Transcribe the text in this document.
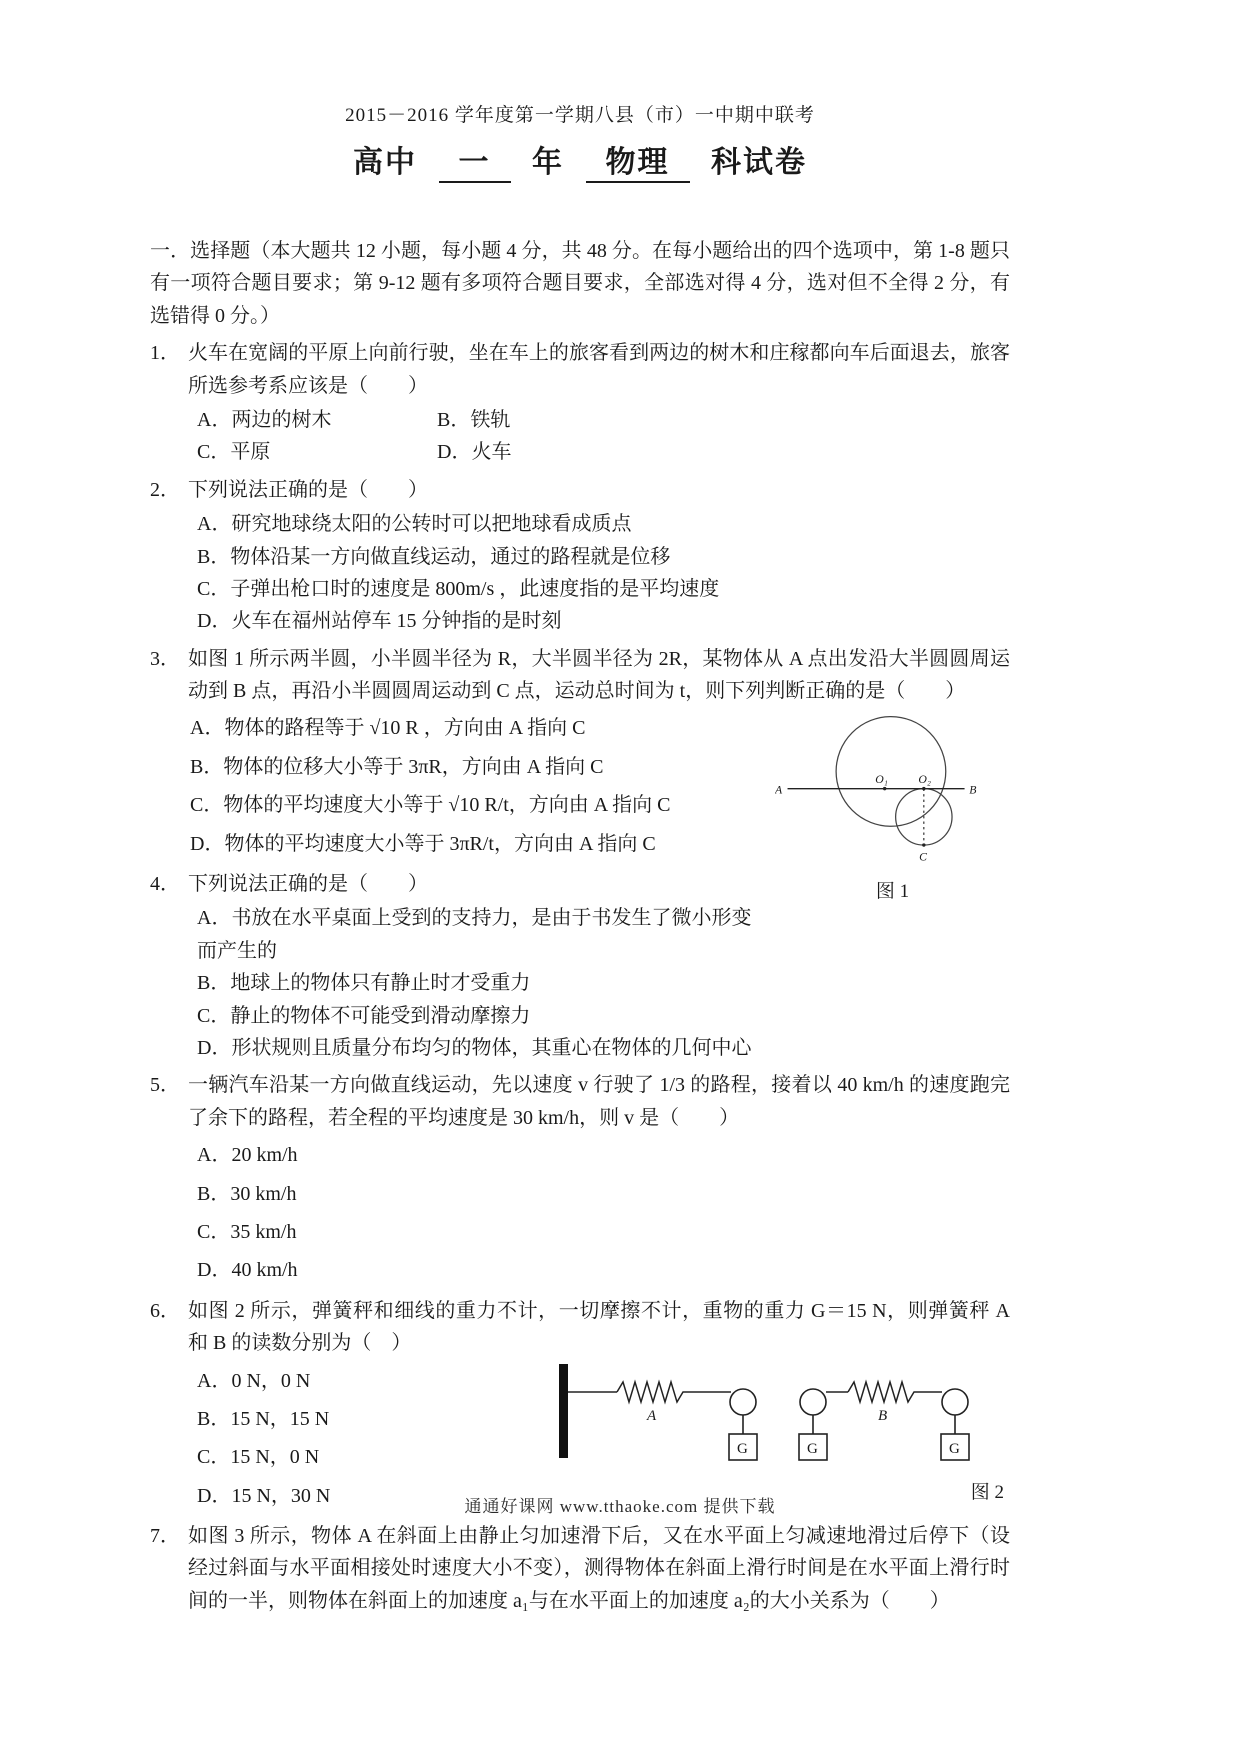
2015－2016 学年度第一学期八县（市）一中期中联考
高中 一 年 物理 科试卷
一．选择题（本大题共 12 小题，每小题 4 分，共 48 分。在每小题给出的四个选项中，第 1-8 题只有一项符合题目要求；第 9-12 题有多项符合题目要求，全部选对得 4 分，选对但不全得 2 分，有选错得 0 分。）
1． 火车在宽阔的平原上向前行驶，坐在车上的旅客看到两边的树木和庄稼都向车后面退去，旅客所选参考系应该是（　　）
A．两边的树木	B．铁轨
C．平原	D．火车
2． 下列说法正确的是（　　）
A．研究地球绕太阳的公转时可以把地球看成质点
B．物体沿某一方向做直线运动，通过的路程就是位移
C．子弹出枪口时的速度是 800m/s ，此速度指的是平均速度
D．火车在福州站停车 15 分钟指的是时刻
3． 如图 1 所示两半圆，小半圆半径为 R，大半圆半径为 2R，某物体从 A 点出发沿大半圆圆周运动到 B 点，再沿小半圆圆周运动到 C 点，运动总时间为 t，则下列判断正确的是（　　）
A	B
O₁ O₂
C
图 1
A．物体的路程等于 √10 R ，方向由 A 指向 C
B．物体的位移大小等于 3πR，方向由 A 指向 C
C．物体的平均速度大小等于 √10 R/t，方向由 A 指向 C
D．物体的平均速度大小等于 3πR/t，方向由 A 指向 C
4． 下列说法正确的是（　　）
A．书放在水平桌面上受到的支持力，是由于书发生了微小形变而产生的
B．地球上的物体只有静止时才受重力
C．静止的物体不可能受到滑动摩擦力
D．形状规则且质量分布均匀的物体，其重心在物体的几何中心
5． 一辆汽车沿某一方向做直线运动，先以速度 v 行驶了 1/3 的路程，接着以 40 km/h 的速度跑完了余下的路程，若全程的平均速度是 30 km/h，则 v 是（　　）
A．20 km/h
B．30 km/h
C．35 km/h
D．40 km/h
6． 如图 2 所示，弹簧秤和细线的重力不计，一切摩擦不计，重物的重力 G＝15 N，则弹簧秤 A 和 B 的读数分别为（　）
A
G
B
G	G
图 2
A．0 N，0 N
B．15 N，15 N
C．15 N，0 N
D．15 N，30 N
7． 如图 3 所示，物体 A 在斜面上由静止匀加速滑下后，又在水平面上匀减速地滑过后停下（设经过斜面与水平面相接处时速度大小不变），测得物体在斜面上滑行时间是在水平面上滑行时间的一半，则物体在斜面上的加速度 a₁与在水平面上的加速度 a₂的大小关系为（　　）
通通好课网 www.tthaoke.com 提供下载
